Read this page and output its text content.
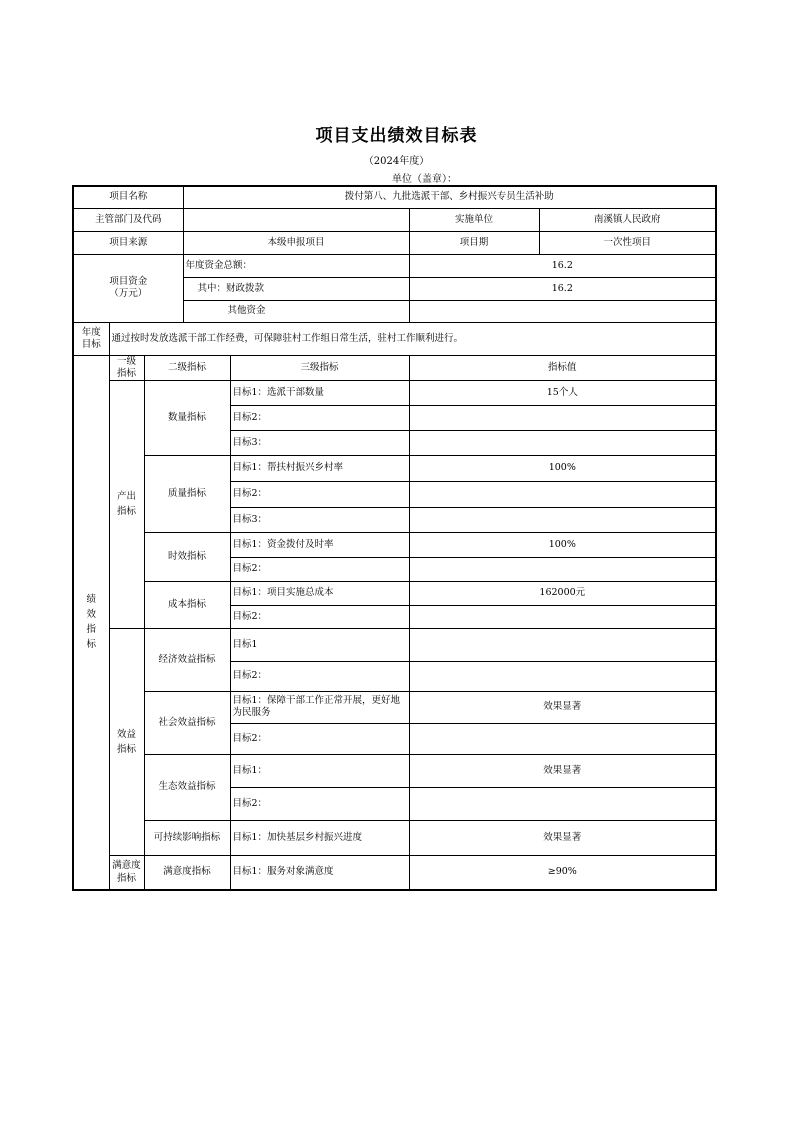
项目支出绩效目标表
（2024年度）
单位（盖章）：
项目名称			拨付第八、九批选派干部、乡村振兴专员生活补助			
主管部门及代码					实施单位	南溪镇人民政府
项目来源			本级申报项目		项目期	一次性项目

项目资金
（万元）			年度资金总额：		16.2	
			其中：财政拨款		16.2	
			其他资金			

年度
目标	通过按时发放选派干部工作经费，可保障驻村工作组日常生活，驻村工作顺利进行。					
绩效指标	一级指标	二级指标		三级指标	指标值	
	产出指标	数量指标		目标1：选派干部数量	15个人	
				目标2：		
				目标3：		
		质量指标		目标1：帮扶村振兴乡村率	100%	
				目标2：		
				目标3：		
		时效指标		目标1：资金拨付及时率	100%	
				目标2：		
		成本指标		目标1：项目实施总成本	162000元	
				目标2：		
	效益指标	经济效益指标		目标1		
				目标2：		
		社会效益指标		目标1：保障干部工作正常开展，更好地为民服务	效果显著	
				目标2：		
		生态效益指标		目标1：	效果显著	
				目标2：		
		可持续影响指标		目标1：加快基层乡村振兴进度	效果显著	
	满意度指标	满意度指标		目标1：服务对象满意度	≥90%	
